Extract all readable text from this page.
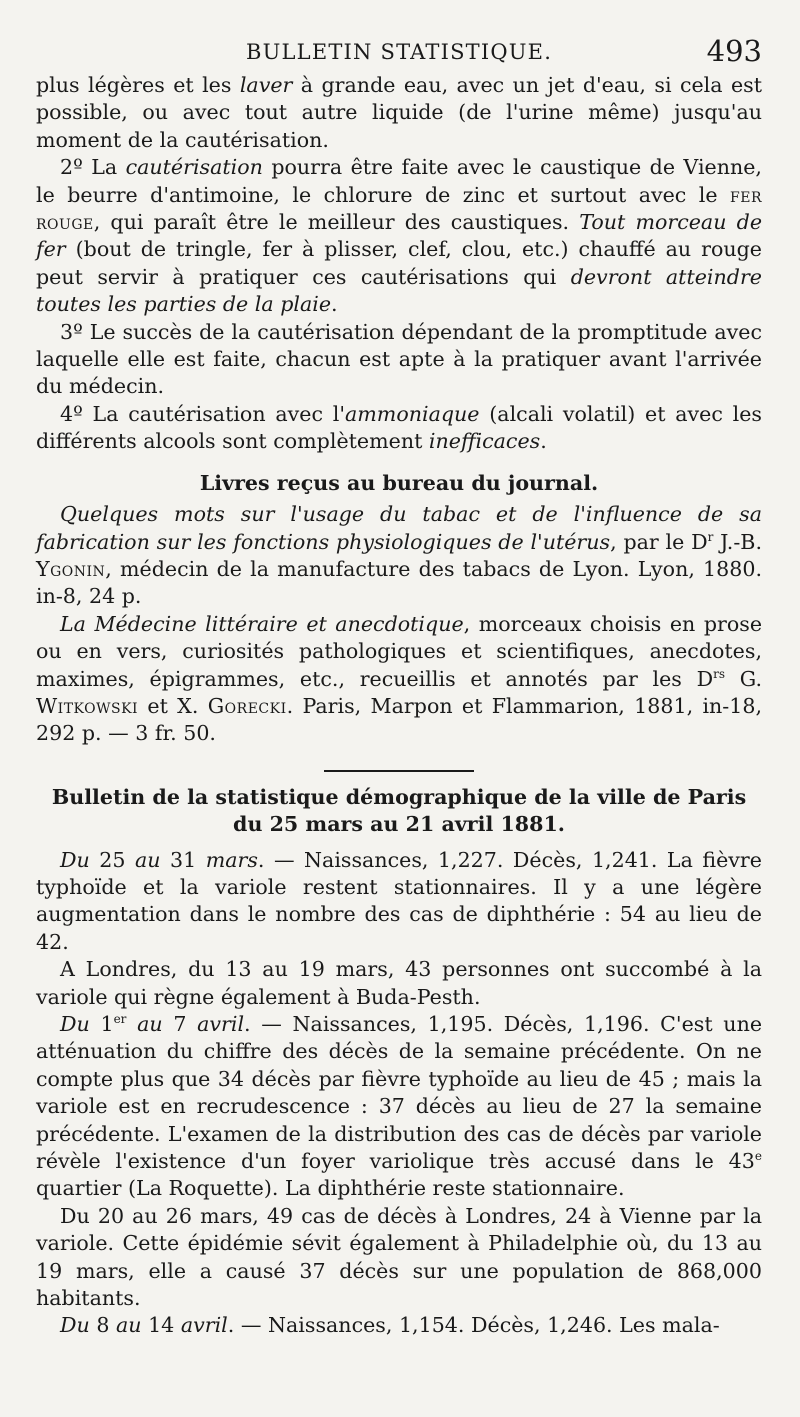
BULLETIN STATISTIQUE.	493

plus légères et les laver à grande eau, avec un jet d'eau, si cela est possible, ou avec tout autre liquide (de l'urine même) jusqu'au moment de la cautérisation.

2º La cautérisation pourra être faite avec le caustique de Vienne, le beurre d'antimoine, le chlorure de zinc et surtout avec le fer rouge, qui paraît être le meilleur des caustiques. Tout morceau de fer (bout de tringle, fer à plisser, clef, clou, etc.) chauffé au rouge peut servir à pratiquer ces cautérisations qui devront atteindre toutes les parties de la plaie.

3º Le succès de la cautérisation dépendant de la promptitude avec laquelle elle est faite, chacun est apte à la pratiquer avant l'arrivée du médecin.

4º La cautérisation avec l'ammoniaque (alcali volatil) et avec les différents alcools sont complètement inefficaces.

Livres reçus au bureau du journal.

Quelques mots sur l'usage du tabac et de l'influence de sa fabrication sur les fonctions physiologiques de l'utérus, par le $D^r$ J.-B. Ygonin, médecin de la manufacture des tabacs de Lyon. Lyon, 1880. in-8, 24 p.

La Médecine littéraire et anecdotique, morceaux choisis en prose ou en vers, curiosités pathologiques et scientifiques, anecdotes, maximes, épigrammes, etc., recueillis et annotés par les $D^{rs}$ G. Witkowski et X. Gorecki. Paris, Marpon et Flammarion, 1881, in-18, 292 p. — 3 fr. 50.

Bulletin de la statistique démographique de la ville de Paris
du 25 mars au 21 avril 1881.

Du 25 au 31 mars. — Naissances, 1,227. Décès, 1,241. La fièvre typhoïde et la variole restent stationnaires. Il y a une légère augmentation dans le nombre des cas de diphthérie : 54 au lieu de 42.

A Londres, du 13 au 19 mars, 43 personnes ont succombé à la variole qui règne également à Buda-Pesth.

Du 1er au 7 avril. — Naissances, 1,195. Décès, 1,196. C'est une atténuation du chiffre des décès de la semaine précédente. On ne compte plus que 34 décès par fièvre typhoïde au lieu de 45 ; mais la variole est en recrudescence : 37 décès au lieu de 27 la semaine précédente. L'examen de la distribution des cas de décès par variole révèle l'existence d'un foyer variolique très accusé dans le 43e quartier (La Roquette). La diphthérie reste stationnaire.

Du 20 au 26 mars, 49 cas de décès à Londres, 24 à Vienne par la variole. Cette épidémie sévit également à Philadelphie où, du 13 au 19 mars, elle a causé 37 décès sur une population de 868,000 habitants.

Du 8 au 14 avril. — Naissances, 1,154. Décès, 1,246. Les mala-
